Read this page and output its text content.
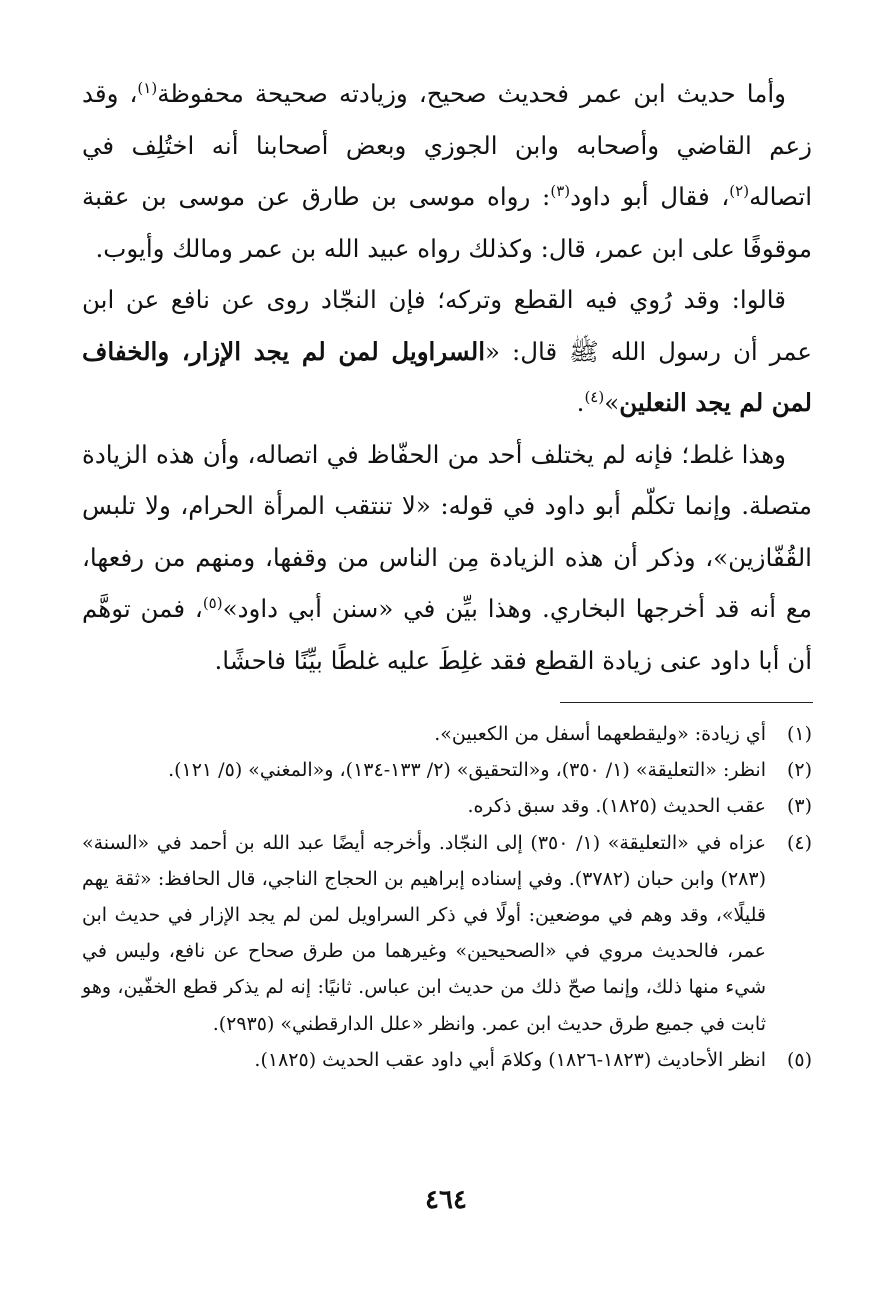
وأما حديث ابن عمر فحديث صحيح، وزيادته صحيحة محفوظة$^{(١)}$، وقد زعم القاضي وأصحابه وابن الجوزي وبعض أصحابنا أنه اختُلِف في اتصاله$^{(٢)}$، فقال أبو داود$^{(٣)}$: رواه موسى بن طارق عن موسى بن عقبة موقوفًا على ابن عمر، قال: وكذلك رواه عبيد الله بن عمر ومالك وأيوب.

قالوا: وقد رُوي فيه القطع وتركه؛ فإن النجّاد روى عن نافع عن ابن عمر أن رسول الله ﷺ قال: «السراويل لمن لم يجد الإزار، والخفاف لمن لم يجد النعلين»$^{(٤)}$.

وهذا غلط؛ فإنه لم يختلف أحد من الحفّاظ في اتصاله، وأن هذه الزيادة متصلة. وإنما تكلّم أبو داود في قوله: «لا تنتقب المرأة الحرام، ولا تلبس القُفّازين»، وذكر أن هذه الزيادة مِن الناس من وقفها، ومنهم من رفعها، مع أنه قد أخرجها البخاري. وهذا بيِّن في «سنن أبي داود»$^{(٥)}$، فمن توهَّم أن أبا داود عنى زيادة القطع فقد غلِطَ عليه غلطًا بيِّنًا فاحشًا.

(١)
أي زيادة: «وليقطعهما أسفل من الكعبين».

(٢)
انظر: «التعليقة» (١/ ٣٥٠)، و«التحقيق» (٢/ ١٣٣-١٣٤)، و«المغني» (٥/ ١٢١).

(٣)
عقب الحديث (١٨٢٥). وقد سبق ذكره.

(٤)
عزاه في «التعليقة» (١/ ٣٥٠) إلى النجّاد. وأخرجه أيضًا عبد الله بن أحمد في «السنة» (٢٨٣) وابن حبان (٣٧٨٢). وفي إسناده إبراهيم بن الحجاج الناجي، قال الحافظ: «ثقة يهم قليلًا»، وقد وهم في موضعين: أولًا في ذكر السراويل لمن لم يجد الإزار في حديث ابن عمر، فالحديث مروي في «الصحيحين» وغيرهما من طرق صحاح عن نافع، وليس في شيء منها ذلك، وإنما صحّ ذلك من حديث ابن عباس. ثانيًا: إنه لم يذكر قطع الخفّين، وهو ثابت في جميع طرق حديث ابن عمر. وانظر «علل الدارقطني» (٢٩٣٥).

(٥)
انظر الأحاديث (١٨٢٣-١٨٢٦) وكلامَ أبي داود عقب الحديث (١٨٢٥).

٤٦٤
